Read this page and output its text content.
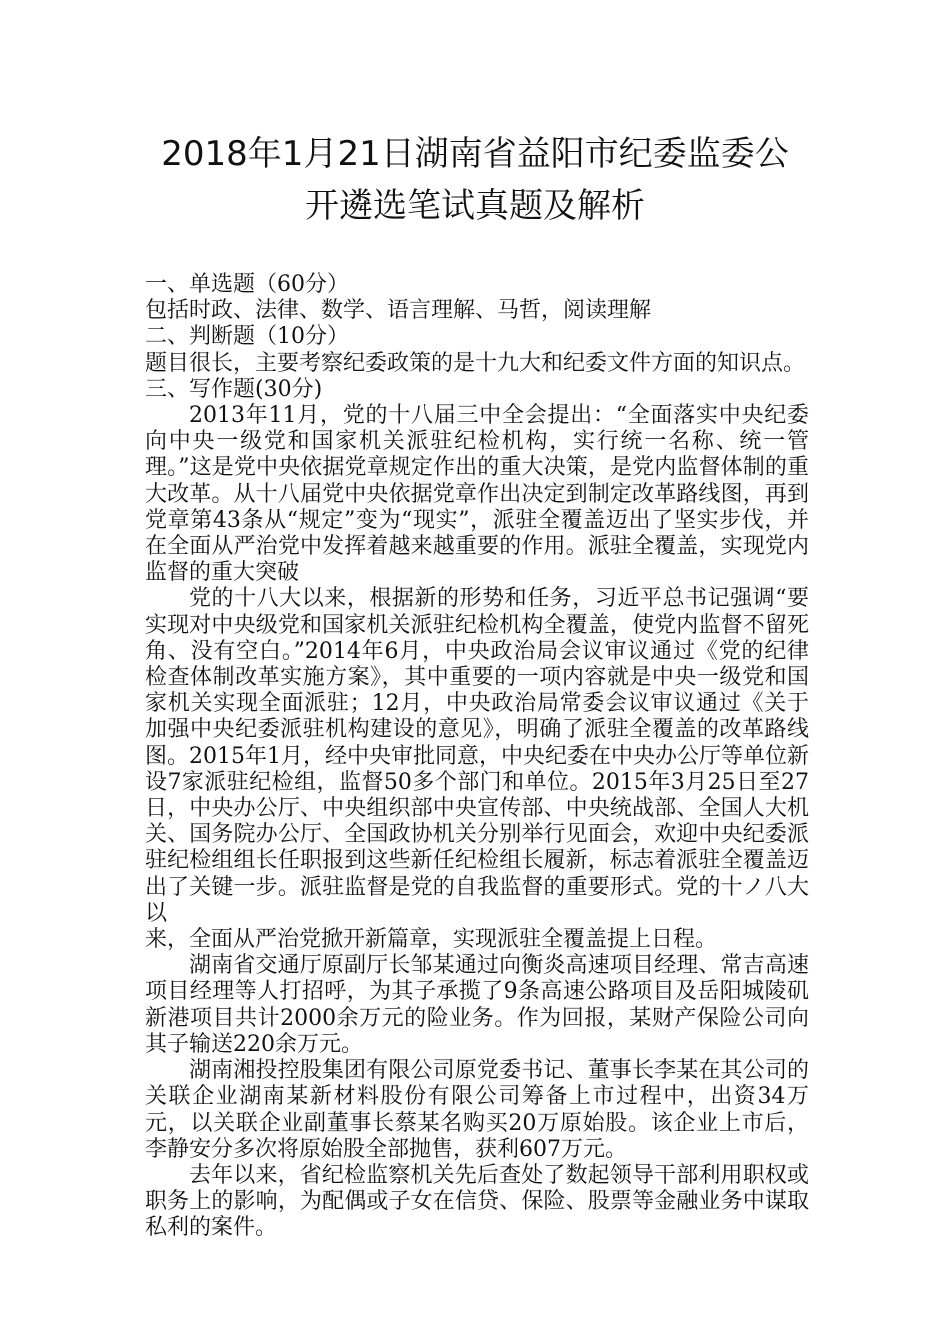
2018年1月21日湖南省益阳市纪委监委公
开遴选笔试真题及解析

一、单选题（60分）

包括时政、法律、数学、语言理解、马哲，阅读理解

二、判断题（10分）

题目很长，主要考察纪委政策的是十九大和纪委文件方面的知识点。

三、写作题(30分)

2013年11月，党的十八届三中全会提出：“全面落实中央纪委向中央一级党和国家机关派驻纪检机构，实行统一名称、统一管理。”这是党中央依据党章规定作出的重大决策，是党内监督体制的重大改革。从十八届党中央依据党章作出决定到制定改革路线图，再到党章第43条从“规定”变为“现实”，派驻全覆盖迈出了坚实步伐，并在全面从严治党中发挥着越来越重要的作用。派驻全覆盖，实现党内监督的重大突破

党的十八大以来，根据新的形势和任务，习近平总书记强调“要实现对中央级党和国家机关派驻纪检机构全覆盖，使党内监督不留死角、没有空白。”2014年6月，中央政治局会议审议通过《党的纪律检查体制改革实施方案》，其中重要的一项内容就是中央一级党和国家机关实现全面派驻；12月，中央政治局常委会议审议通过《关于加强中央纪委派驻机构建设的意见》，明确了派驻全覆盖的改革路线图。2015年1月，经中央审批同意，中央纪委在中央办公厅等单位新设7家派驻纪检组，监督50多个部门和单位。2015年3月25日至27日，中央办公厅、中央组织部中央宣传部、中央统战部、全国人大机关、国务院办公厅、全国政协机关分别举行见面会，欢迎中央纪委派驻纪检组组长任职报到这些新任纪检组长履新，标志着派驻全覆盖迈出了关键一步。派驻监督是党的自我监督的重要形式。党的十ノ八大以

来，全面从严治党掀开新篇章，实现派驻全覆盖提上日程。

湖南省交通厅原副厅长邹某通过向衡炎高速项目经理、常吉高速项目经理等人打招呼，为其子承揽了9条高速公路项目及岳阳城陵矶新港项目共计2000余万元的险业务。作为回报，某财产保险公司向其子输送220余万元。

湖南湘投控股集团有限公司原党委书记、董事长李某在其公司的关联企业湖南某新材料股份有限公司筹备上市过程中，出资34万元，以关联企业副董事长蔡某名购买20万原始股。该企业上市后，李静安分多次将原始股全部抛售，获利607万元。

去年以来，省纪检监察机关先后查处了数起领导干部利用职权或职务上的影响，为配偶或子女在信贷、保险、股票等金融业务中谋取私利的案件。
